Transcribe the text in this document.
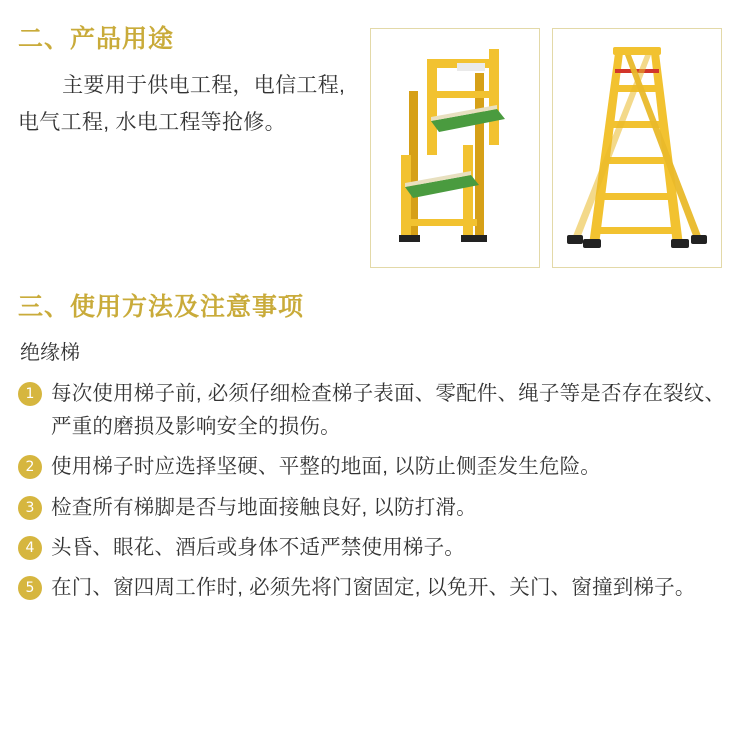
二、产品用途
主要用于供电工程，电信工程, 电气工程, 水电工程等抢修。
三、使用方法及注意事项
绝缘梯
1 每次使用梯子前, 必须仔细检查梯子表面、零配件、绳子等是否存在裂纹、严重的磨损及影响安全的损伤。
2 使用梯子时应选择坚硬、平整的地面, 以防止侧歪发生危险。
3 检查所有梯脚是否与地面接触良好, 以防打滑。
4 头昏、眼花、酒后或身体不适严禁使用梯子。
5 在门、窗四周工作时, 必须先将门窗固定, 以免开、关门、窗撞到梯子。
